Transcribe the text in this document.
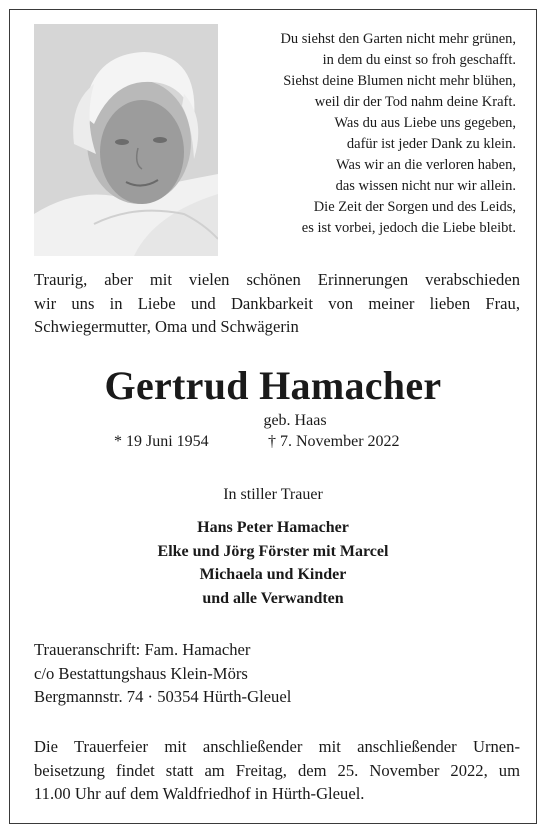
Du siehst den Garten nicht mehr grünen,
in dem du einst so froh geschafft.
Siehst deine Blumen nicht mehr blühen,
weil dir der Tod nahm deine Kraft.
Was du aus Liebe uns gegeben,
dafür ist jeder Dank zu klein.
Was wir an die verloren haben,
das wissen nicht nur wir allein.
Die Zeit der Sorgen und des Leids,
es ist vorbei, jedoch die Liebe bleibt.
Traurig, aber mit vielen schönen Erinnerungen verabschieden
wir uns in Liebe und Dankbarkeit von meiner lieben Frau,
Schwiegermutter, Oma und Schwägerin
Gertrud Hamacher
geb. Haas
* 19 Juni 1954	† 7. November 2022
In stiller Trauer
Hans Peter Hamacher
Elke und Jörg Förster mit Marcel
Michaela und Kinder
und alle Verwandten
Traueranschrift: Fam. Hamacher
c/o Bestattungshaus Klein-Mörs
Bergmannstr. 74 · 50354 Hürth-Gleuel
Die Trauerfeier mit anschließender mit anschließender Urnen-
beisetzung findet statt am Freitag, dem 25. November 2022, um
11.00 Uhr auf dem Waldfriedhof in Hürth-Gleuel.
